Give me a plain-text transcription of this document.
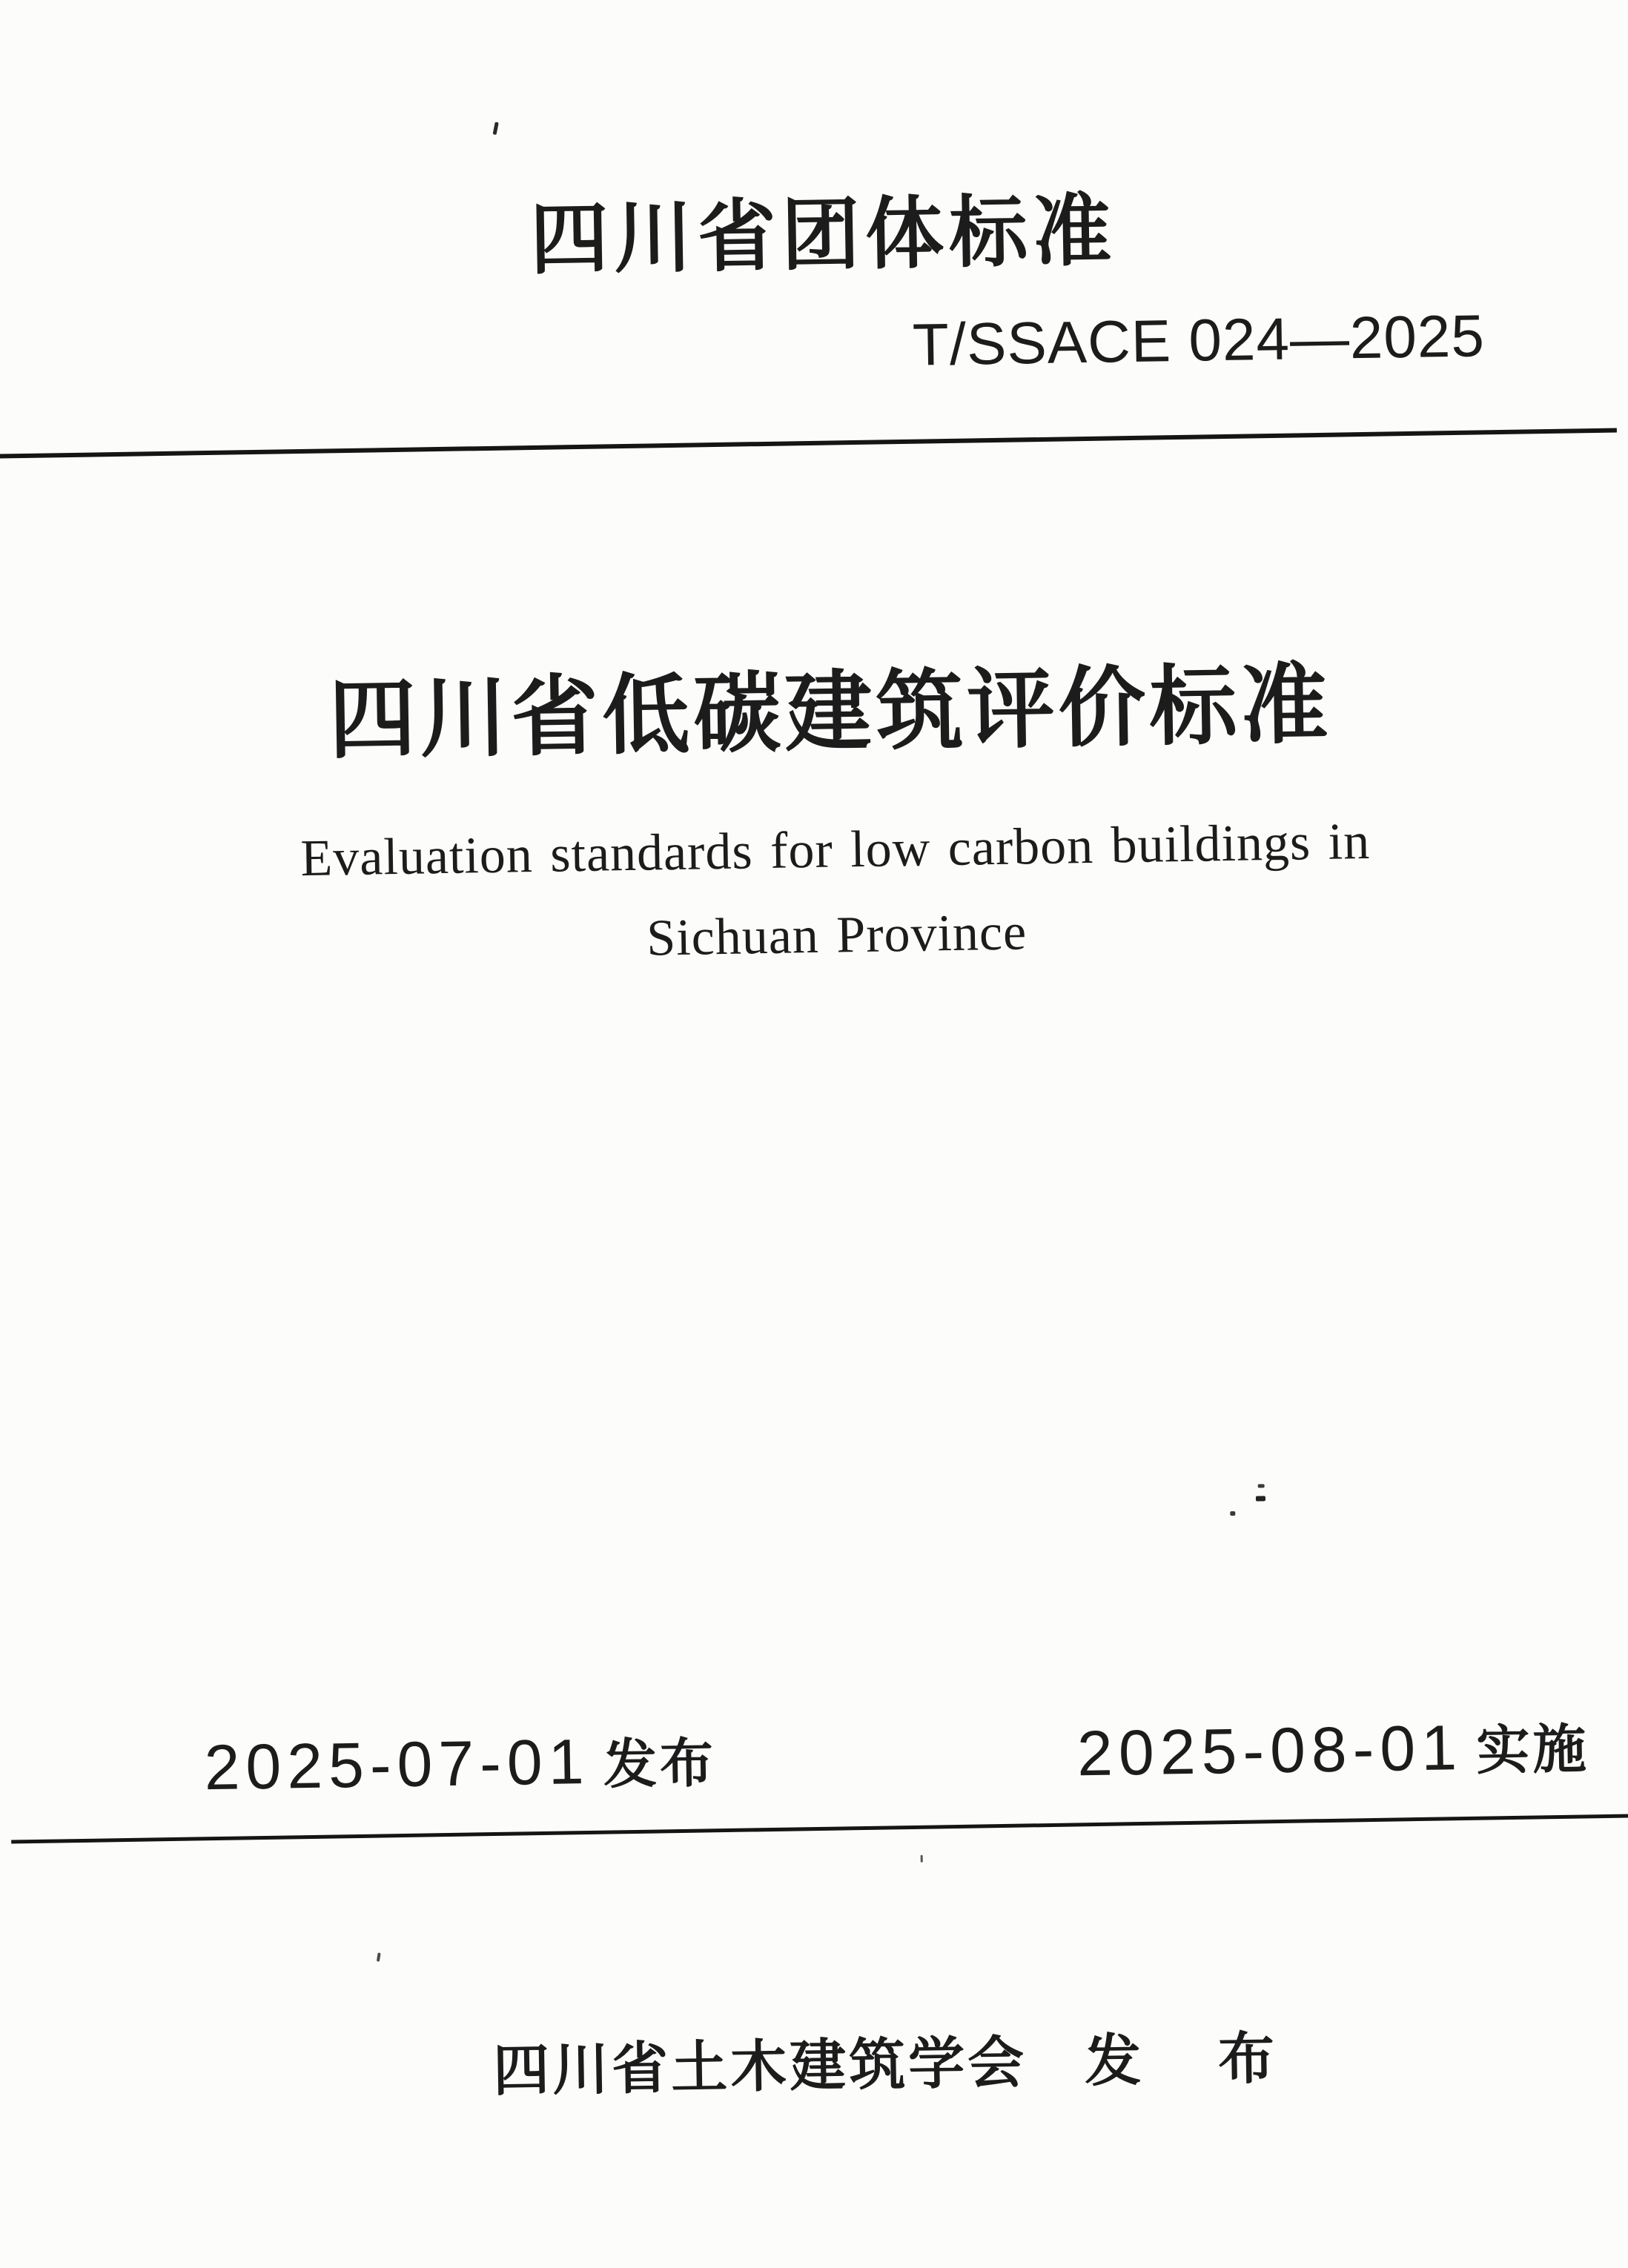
四川省团体标准
T/SSACE 024—2025
四川省低碳建筑评价标准
Evaluation standards for low carbon buildings in
Sichuan Province
2025-07-01 发布	2025-08-01 实施
四川省土木建筑学会 发 布
